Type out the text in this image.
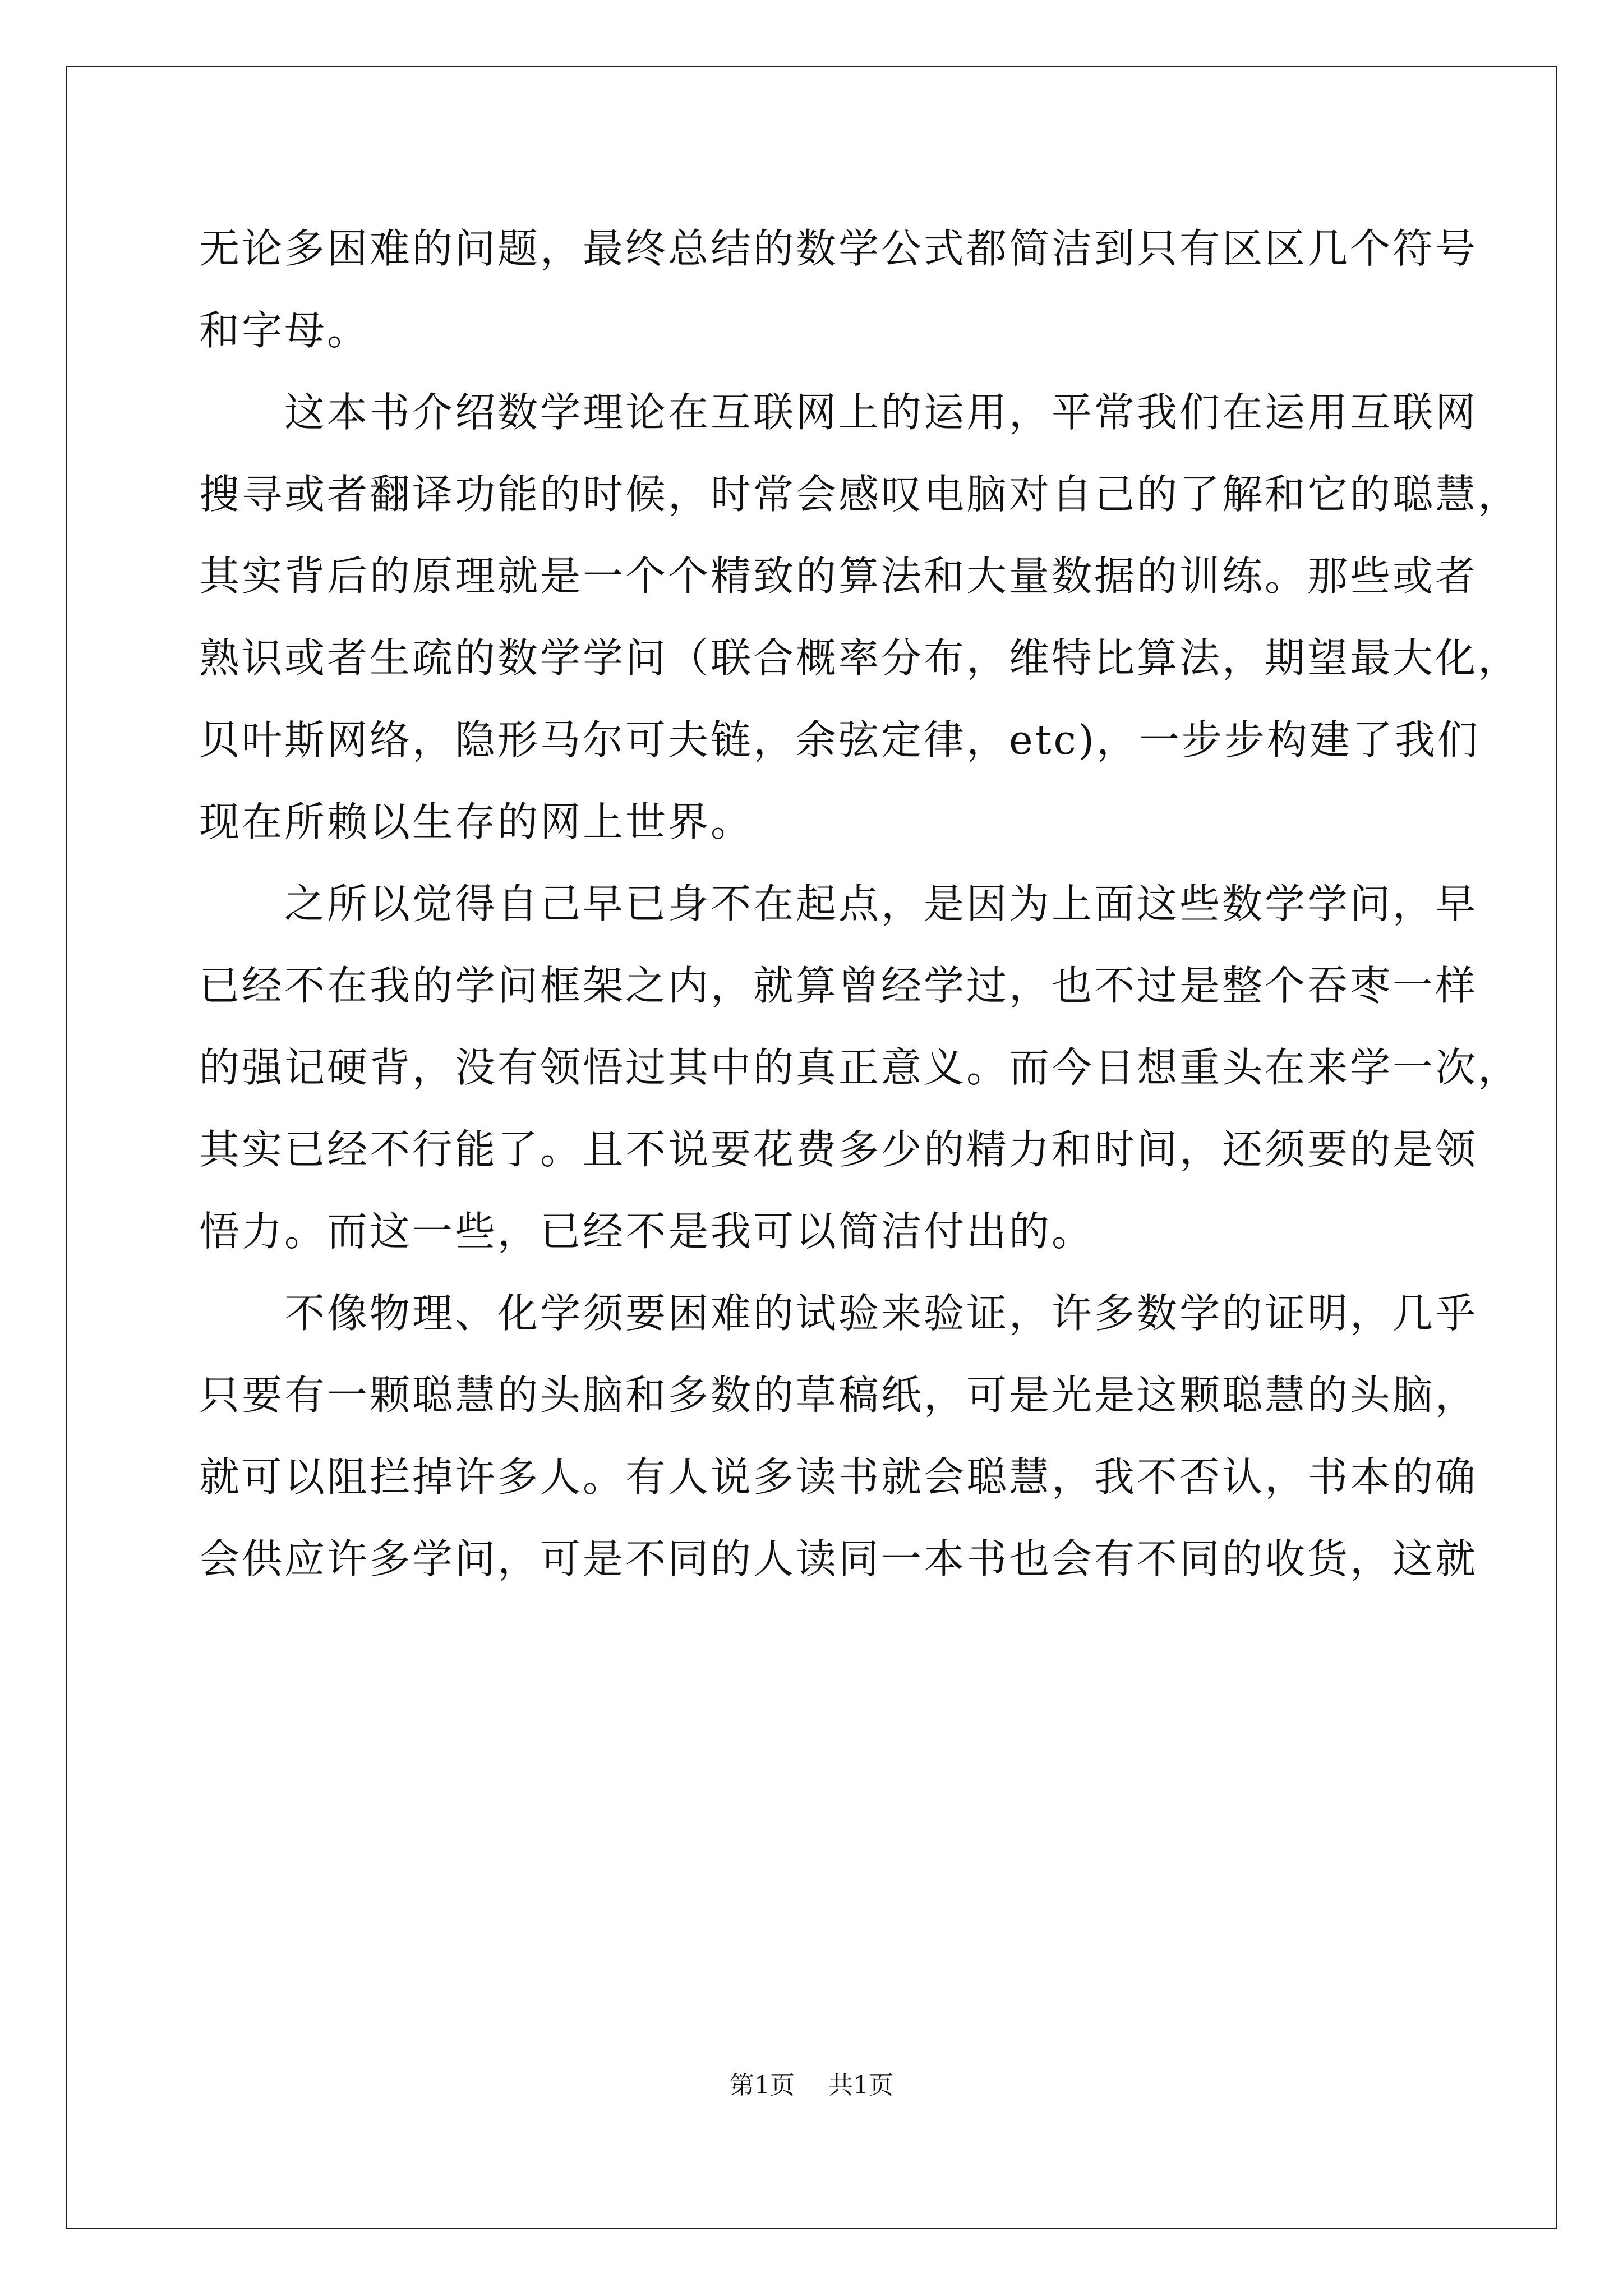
无论多困难的问题，最终总结的数学公式都简洁到只有区区几个符号
和字母。
这本书介绍数学理论在互联网上的运用，平常我们在运用互联网
搜寻或者翻译功能的时候，时常会感叹电脑对自己的了解和它的聪慧，
其实背后的原理就是一个个精致的算法和大量数据的训练。那些或者
熟识或者生疏的数学学问（联合概率分布，维特比算法，期望最大化，
贝叶斯网络，隐形马尔可夫链，余弦定律，etc)，一步步构建了我们
现在所赖以生存的网上世界。
之所以觉得自己早已身不在起点，是因为上面这些数学学问，早
已经不在我的学问框架之内，就算曾经学过，也不过是整个吞枣一样
的强记硬背，没有领悟过其中的真正意义。而今日想重头在来学一次，
其实已经不行能了。且不说要花费多少的精力和时间，还须要的是领
悟力。而这一些，已经不是我可以简洁付出的。
不像物理、化学须要困难的试验来验证，许多数学的证明，几乎
只要有一颗聪慧的头脑和多数的草稿纸，可是光是这颗聪慧的头脑，
就可以阻拦掉许多人。有人说多读书就会聪慧，我不否认，书本的确
会供应许多学问，可是不同的人读同一本书也会有不同的收货，这就
第1页 共1页
